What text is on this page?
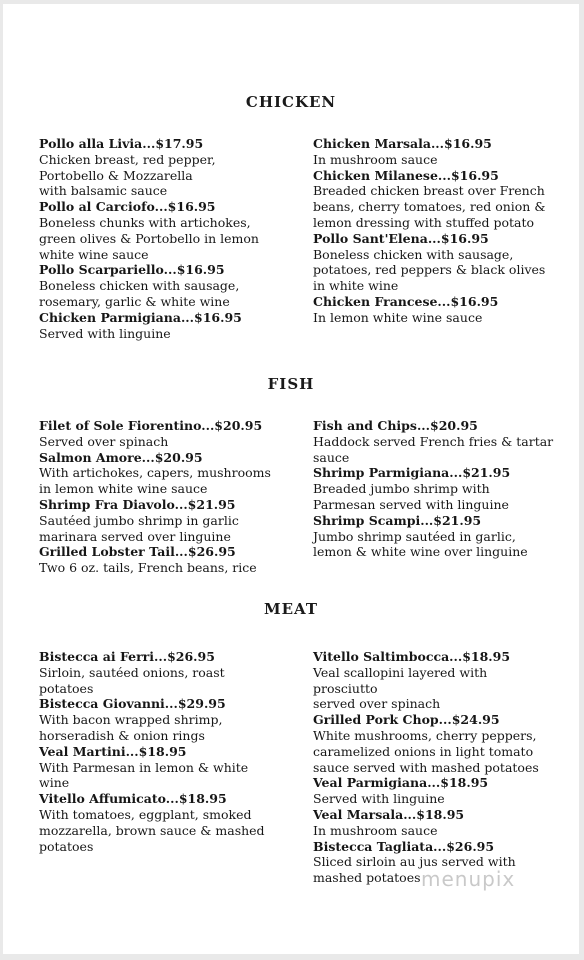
CHICKEN
Pollo alla Livia...$17.95
Chicken breast, red pepper,
Portobello & Mozzarella
with balsamic sauce
Pollo al Carciofo...$16.95
Boneless chunks with artichokes,
green olives & Portobello in lemon
white wine sauce
Pollo Scarpariello...$16.95
Boneless chicken with sausage,
rosemary, garlic & white wine
Chicken Parmigiana...$16.95
Served with linguine
Chicken Marsala...$16.95
In mushroom sauce
Chicken Milanese...$16.95
Breaded chicken breast over French
beans, cherry tomatoes, red onion &
lemon dressing with stuffed potato
Pollo Sant'Elena...$16.95
Boneless chicken with sausage,
potatoes, red peppers & black olives
in white wine
Chicken Francese...$16.95
In lemon white wine sauce
FISH
Filet of Sole Fiorentino...$20.95
Served over spinach
Salmon Amore...$20.95
With artichokes, capers, mushrooms
in lemon white wine sauce
Shrimp Fra Diavolo...$21.95
Sautéed jumbo shrimp in garlic
marinara served over linguine
Grilled Lobster Tail...$26.95
Two 6 oz. tails, French beans, rice
Fish and Chips...$20.95
Haddock served French fries & tartar
sauce
Shrimp Parmigiana...$21.95
Breaded jumbo shrimp with
Parmesan served with linguine
Shrimp Scampi...$21.95
Jumbo shrimp sautéed in garlic,
lemon & white wine over linguine
MEAT
Bistecca ai Ferri...$26.95
Sirloin, sautéed onions, roast
potatoes
Bistecca Giovanni...$29.95
With bacon wrapped shrimp,
horseradish & onion rings
Veal Martini...$18.95
With Parmesan in lemon & white
wine
Vitello Affumicato...$18.95
With tomatoes, eggplant, smoked
mozzarella, brown sauce & mashed
potatoes
Vitello Saltimbocca...$18.95
Veal scallopini layered with
prosciutto
served over spinach
Grilled Pork Chop...$24.95
White mushrooms, cherry peppers,
caramelized onions in light tomato
sauce served with mashed potatoes
Veal Parmigiana...$18.95
Served with linguine
Veal Marsala...$18.95
In mushroom sauce
Bistecca Tagliata...$26.95
Sliced sirloin au jus served with
mashed potatoes menupix
